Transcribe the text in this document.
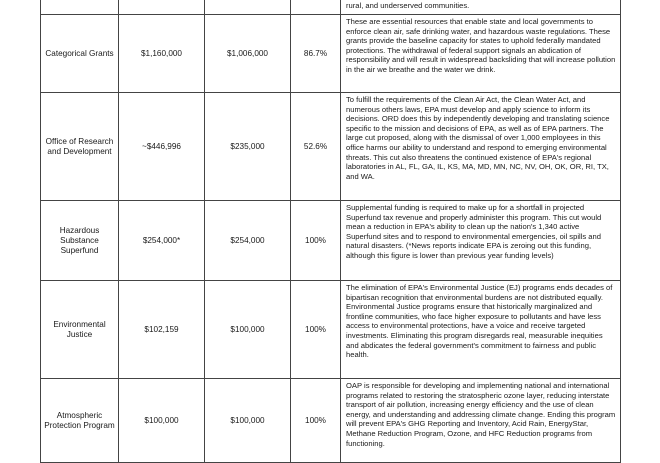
				rural, and underserved communities.

Categorical Grants	$1,160,000	$1,006,000	86.7%	These are essential resources that enable state and local governments to enforce clean air, safe drinking water, and hazardous waste regulations. These grants provide the baseline capacity for states to uphold federally mandated protections. The withdrawal of federal support signals an abdication of responsibility and will result in widespread backsliding that will increase pollution in the air we breathe and the water we drink.

Office of Research and Development	~$446,996	$235,000	52.6%	To fulfill the requirements of the Clean Air Act, the Clean Water Act, and numerous others laws, EPA must develop and apply science to inform its decisions. ORD does this by independently developing and translating science specific to the mission and decisions of EPA, as well as of EPA partners. The large cut proposed, along with the dismissal of over 1,000 employees in this office harms our ability to understand and respond to emerging environmental threats. This cut also threatens the continued existence of EPA's regional laboratories in AL, FL, GA, IL, KS, MA, MD, MN, NC, NV, OH, OK, OR, RI, TX, and WA.

Hazardous Substance Superfund	$254,000*	$254,000	100%	Supplemental funding is required to make up for a shortfall in projected Superfund tax revenue and properly administer this program. This cut would mean a reduction in EPA's ability to clean up the nation's 1,340 active Superfund sites and to respond to environmental emergencies, oil spills and natural disasters. (*News reports indicate EPA is zeroing out this funding, although this figure is lower than previous year funding levels)

Environmental Justice	$102,159	$100,000	100%	The elimination of EPA's Environmental Justice (EJ) programs ends decades of bipartisan recognition that environmental burdens are not distributed equally. Environmental Justice programs ensure that historically marginalized and frontline communities, who face higher exposure to pollutants and have less access to environmental protections, have a voice and receive targeted investments. Eliminating this program disregards real, measurable inequities and abdicates the federal government's commitment to fairness and public health.

Atmospheric Protection Program	$100,000	$100,000	100%	OAP is responsible for developing and implementing national and international programs related to restoring the stratospheric ozone layer, reducing interstate transport of air pollution, increasing energy efficiency and the use of clean energy, and understanding and addressing climate change. Ending this program will prevent EPA's GHG Reporting and Inventory, Acid Rain, EnergyStar, Methane Reduction Program, Ozone, and HFC Reduction programs from functioning.
